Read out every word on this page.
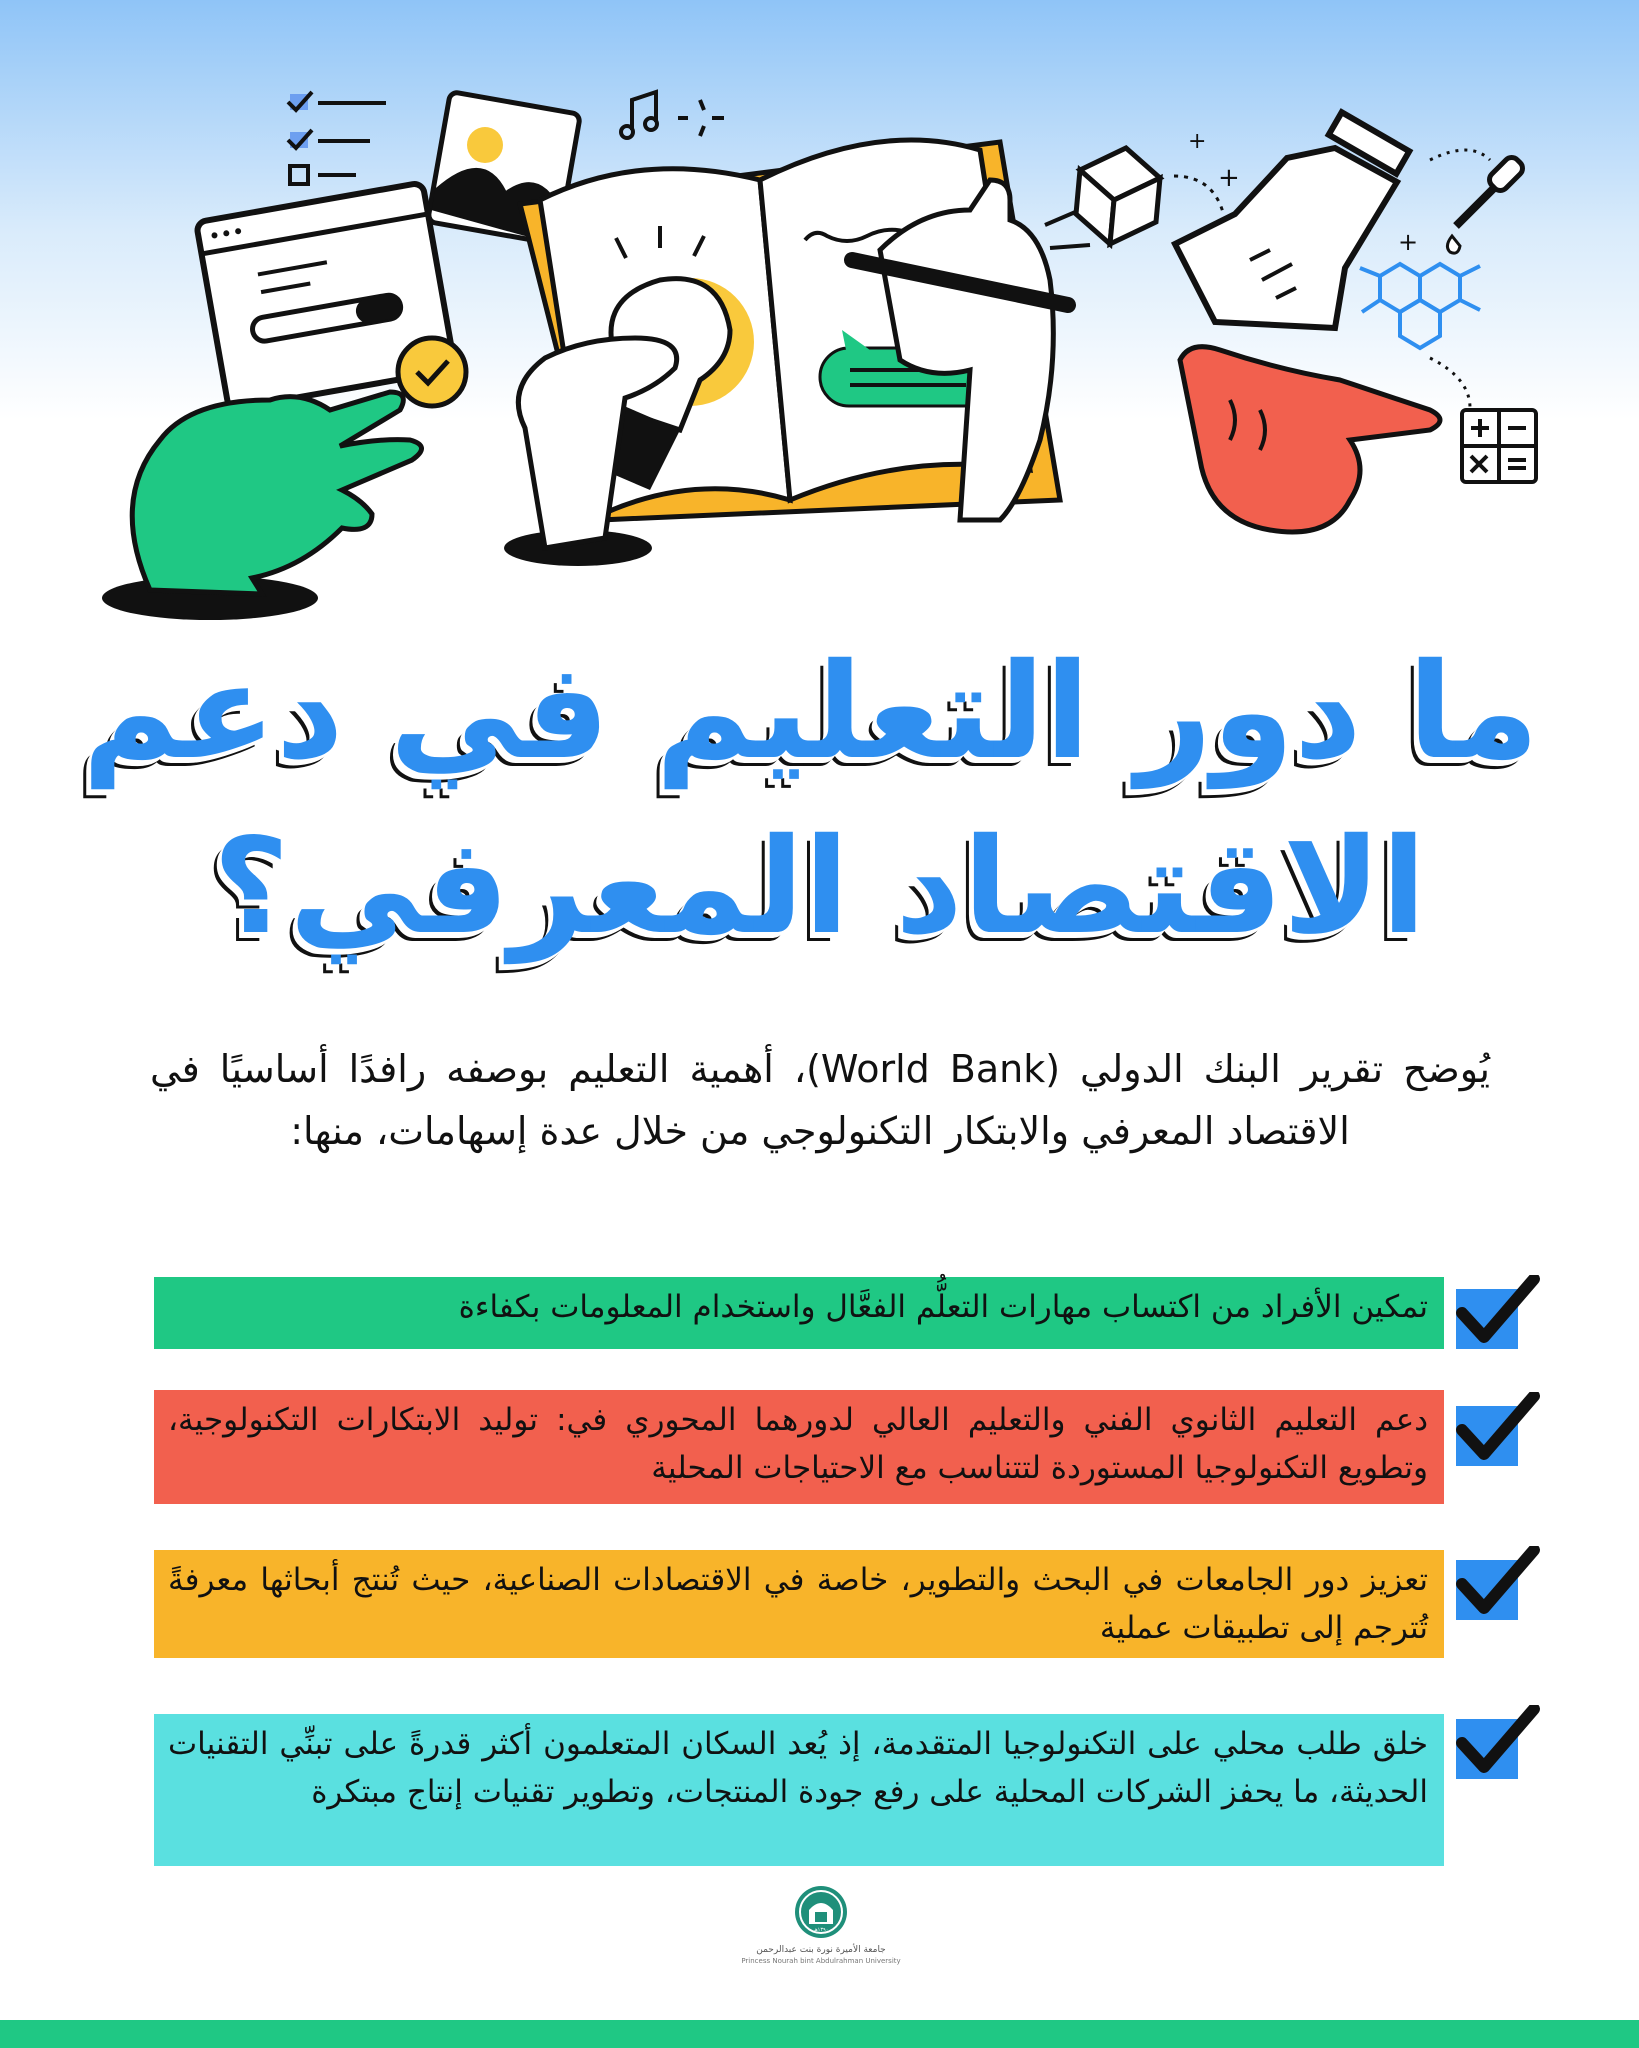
+
+
+
ما دور التعليم في دعم
الاقتصاد المعرفي؟
يُوضح تقرير البنك الدولي (World Bank)، أهمية التعليم بوصفه رافدًا أساسيًا في الاقتصاد المعرفي والابتكار التكنولوجي من خلال عدة إسهامات، منها:
تمكين الأفراد من اكتساب مهارات التعلُّم الفعَّال واستخدام المعلومات بكفاءة
دعم التعليم الثانوي الفني والتعليم العالي لدورهما المحوري في: توليد الابتكارات التكنولوجية، وتطويع التكنولوجيا المستوردة لتتناسب مع الاحتياجات المحلية
تعزيز دور الجامعات في البحث والتطوير، خاصة في الاقتصادات الصناعية، حيث تُنتج أبحاثها معرفةً تُترجم إلى تطبيقات عملية
خلق طلب محلي على التكنولوجيا المتقدمة، إذ يُعد السكان المتعلمون أكثر قدرةً على تبنِّي التقنيات الحديثة، ما يحفز الشركات المحلية على رفع جودة المنتجات، وتطوير تقنيات إنتاج مبتكرة
١٣٩٠هـ
جامعة الأميرة نورة بنت عبدالرحمن
Princess Nourah bint Abdulrahman University
